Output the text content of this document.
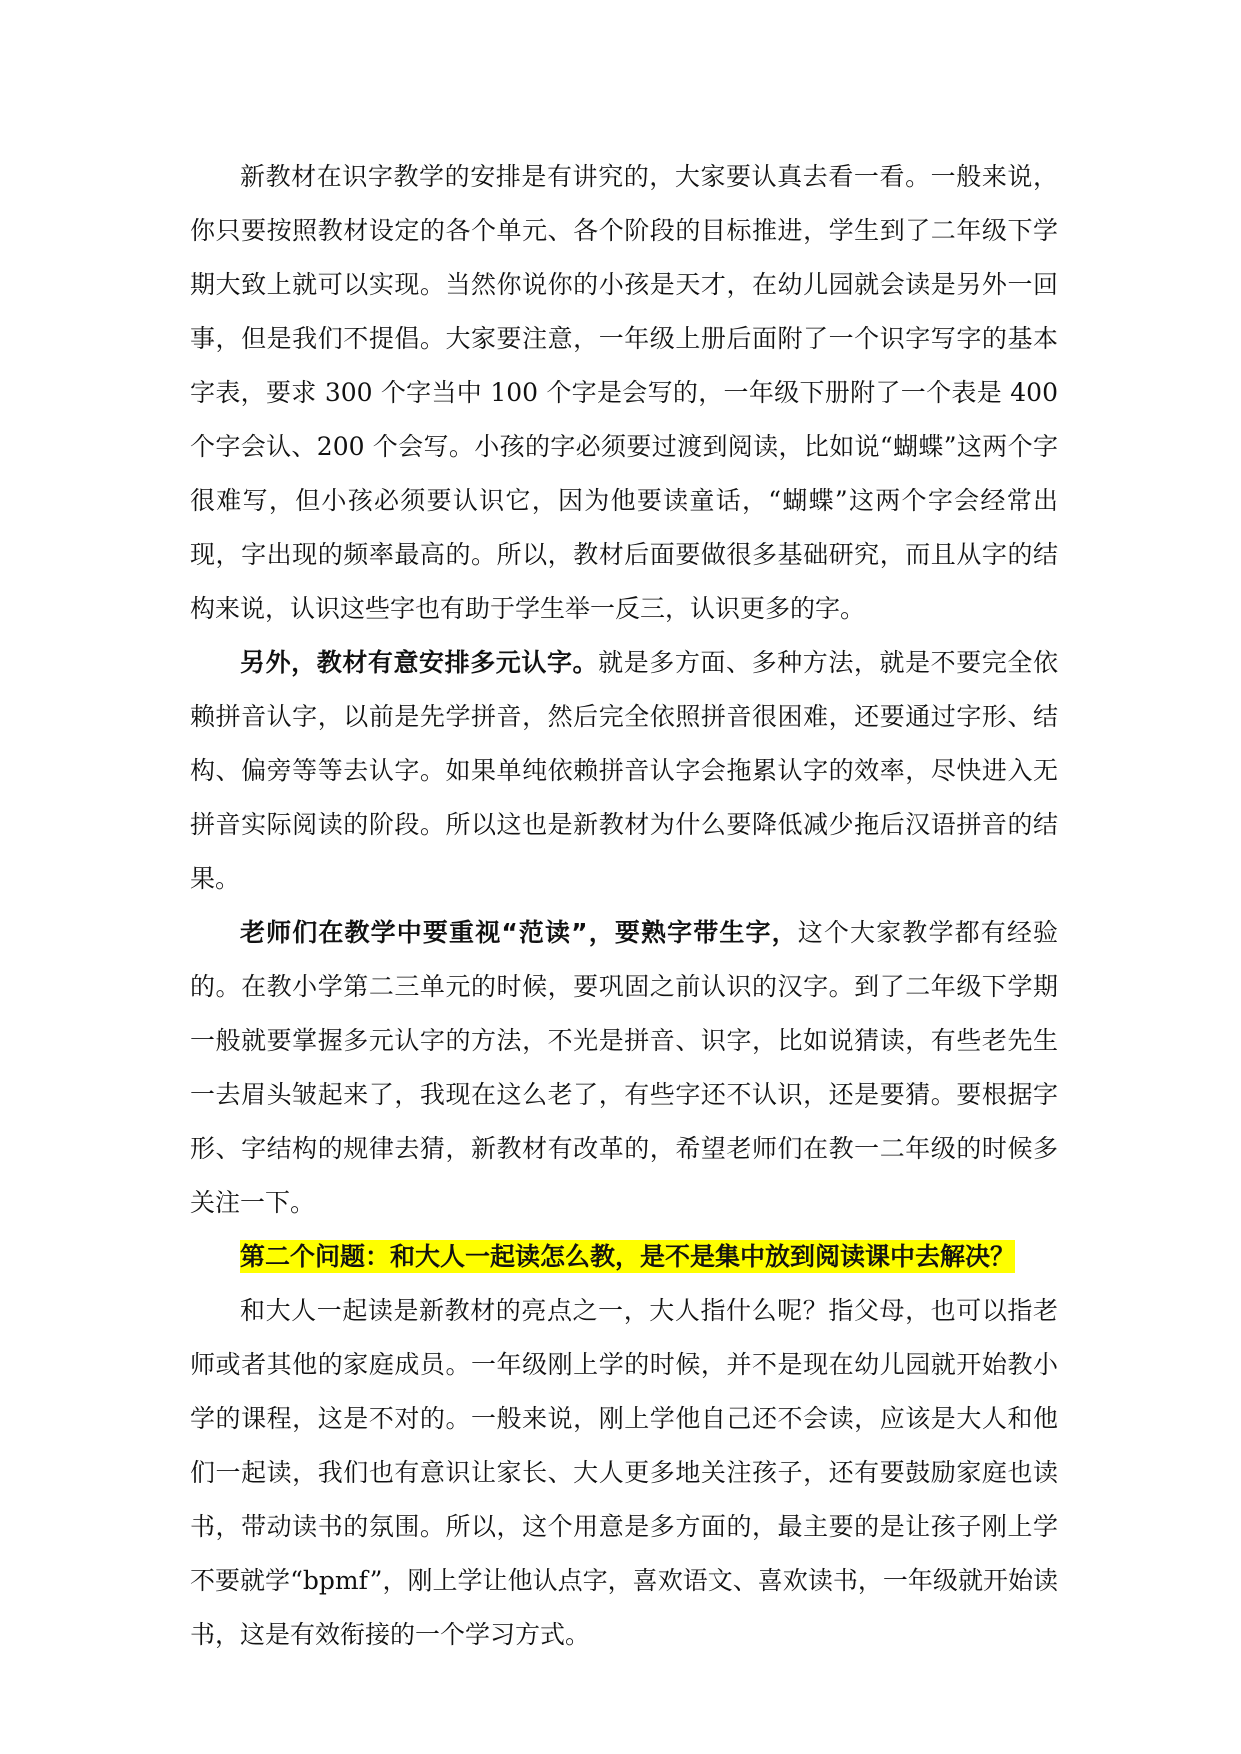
新教材在识字教学的安排是有讲究的，大家要认真去看一看。一般来说，你只要按照教材设定的各个单元、各个阶段的目标推进，学生到了二年级下学期大致上就可以实现。当然你说你的小孩是天才，在幼儿园就会读是另外一回事，但是我们不提倡。大家要注意，一年级上册后面附了一个识字写字的基本字表，要求 300 个字当中 100 个字是会写的，一年级下册附了一个表是 400 个字会认、200 个会写。小孩的字必须要过渡到阅读，比如说“蝴蝶”这两个字很难写，但小孩必须要认识它，因为他要读童话，“蝴蝶”这两个字会经常出现，字出现的频率最高的。所以，教材后面要做很多基础研究，而且从字的结构来说，认识这些字也有助于学生举一反三，认识更多的字。

另外，教材有意安排多元认字。就是多方面、多种方法，就是不要完全依赖拼音认字，以前是先学拼音，然后完全依照拼音很困难，还要通过字形、结构、偏旁等等去认字。如果单纯依赖拼音认字会拖累认字的效率，尽快进入无拼音实际阅读的阶段。所以这也是新教材为什么要降低减少拖后汉语拼音的结果。

老师们在教学中要重视“范读”，要熟字带生字，这个大家教学都有经验的。在教小学第二三单元的时候，要巩固之前认识的汉字。到了二年级下学期一般就要掌握多元认字的方法，不光是拼音、识字，比如说猜读，有些老先生一去眉头皱起来了，我现在这么老了，有些字还不认识，还是要猜。要根据字形、字结构的规律去猜，新教材有改革的，希望老师们在教一二年级的时候多关注一下。

第二个问题：和大人一起读怎么教，是不是集中放到阅读课中去解决？

和大人一起读是新教材的亮点之一，大人指什么呢？指父母，也可以指老师或者其他的家庭成员。一年级刚上学的时候，并不是现在幼儿园就开始教小学的课程，这是不对的。一般来说，刚上学他自己还不会读，应该是大人和他们一起读，我们也有意识让家长、大人更多地关注孩子，还有要鼓励家庭也读书，带动读书的氛围。所以，这个用意是多方面的，最主要的是让孩子刚上学不要就学“bpmf”，刚上学让他认点字，喜欢语文、喜欢读书，一年级就开始读书，这是有效衔接的一个学习方式。
